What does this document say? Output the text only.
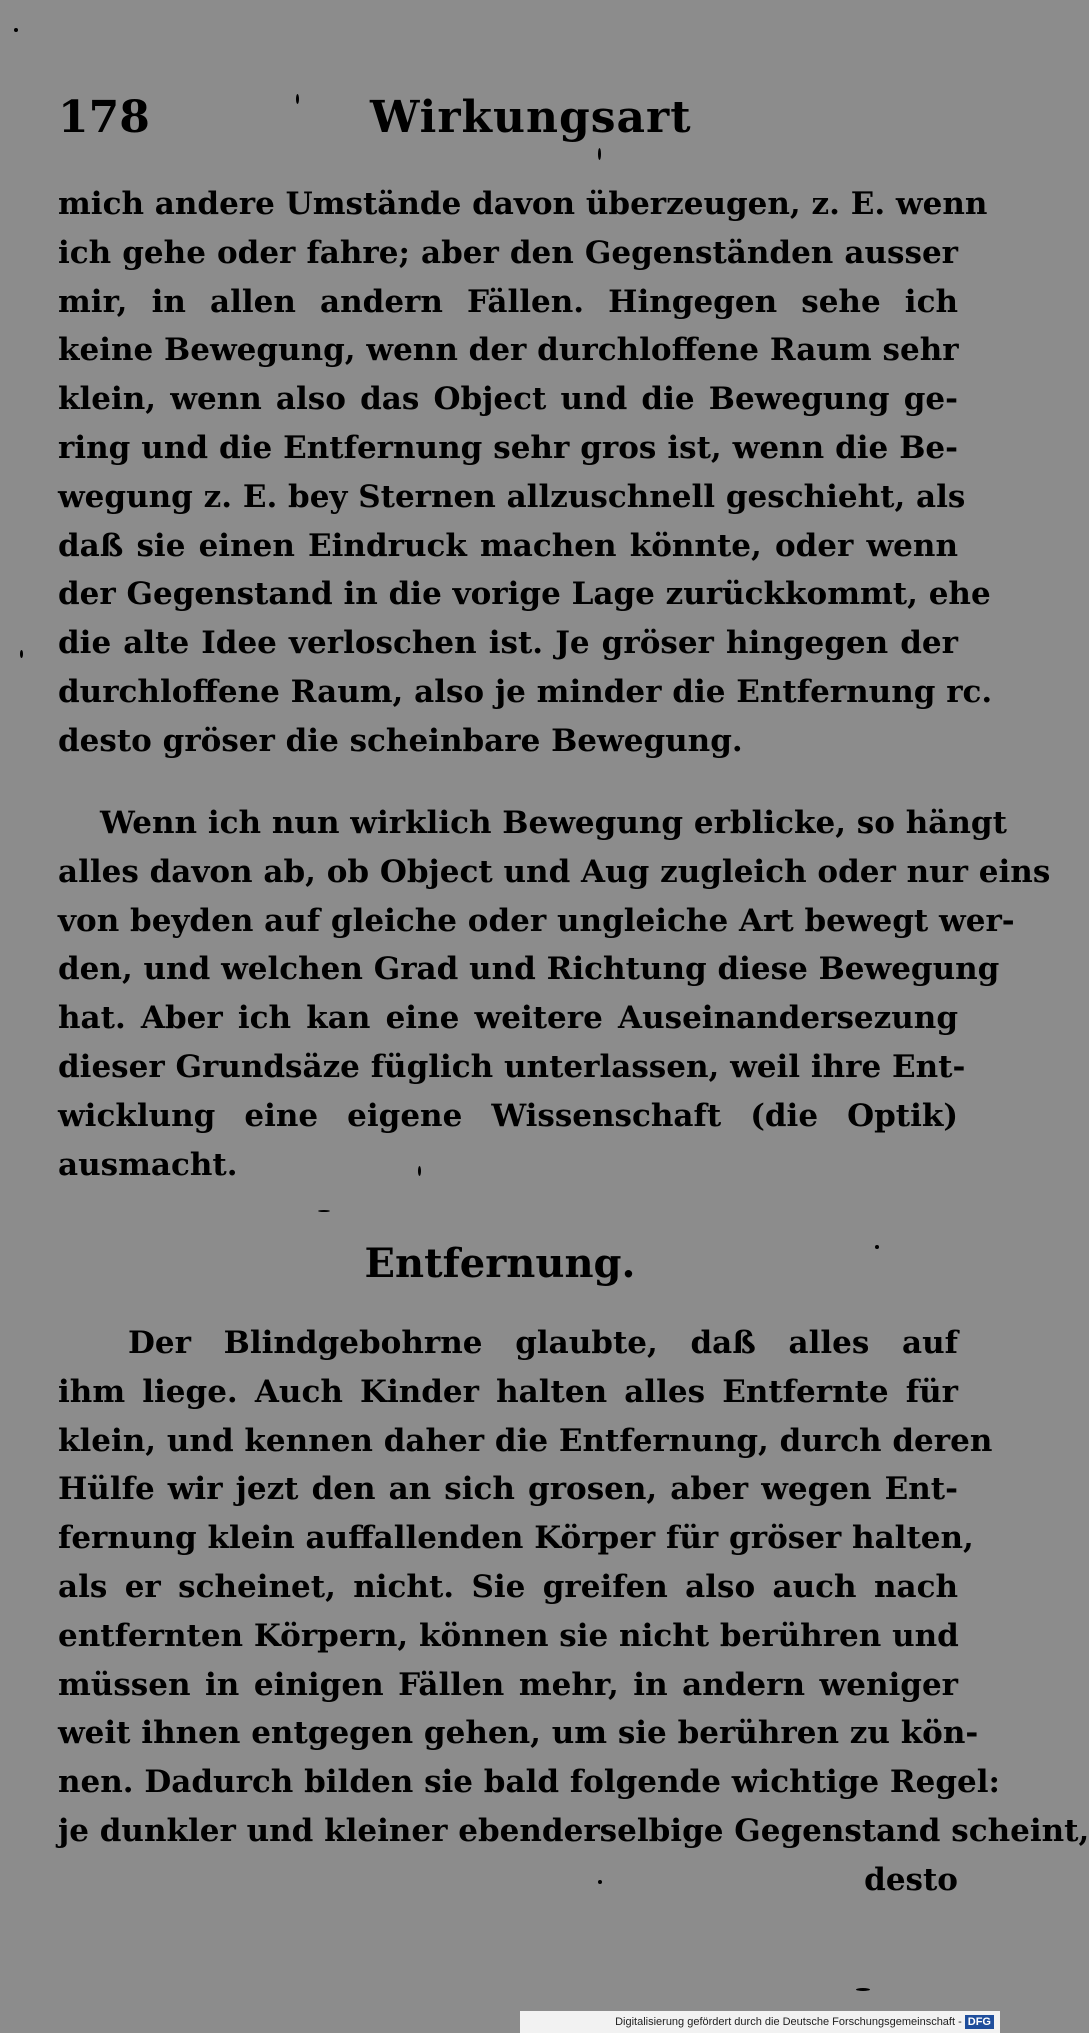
178	Wirkungsart
mich andere Umstände davon überzeugen, z. E. wenn
ich gehe oder fahre; aber den Gegenständen ausser
mir, in allen andern Fällen. Hingegen sehe ich
keine Bewegung, wenn der durchloffene Raum sehr
klein, wenn also das Object und die Bewegung ge-
ring und die Entfernung sehr gros ist, wenn die Be-
wegung z. E. bey Sternen allzuschnell geschieht, als
daß sie einen Eindruck machen könnte, oder wenn
der Gegenstand in die vorige Lage zurückkommt, ehe
die alte Idee verloschen ist. Je gröser hingegen der
durchloffene Raum, also je minder die Entfernung rc.
desto gröser die scheinbare Bewegung.
Wenn ich nun wirklich Bewegung erblicke, so hängt
alles davon ab, ob Object und Aug zugleich oder nur eins
von beyden auf gleiche oder ungleiche Art bewegt wer-
den, und welchen Grad und Richtung diese Bewegung
hat. Aber ich kan eine weitere Auseinandersezung
dieser Grundsäze füglich unterlassen, weil ihre Ent-
wicklung eine eigene Wissenschaft (die Optik)
ausmacht.
Entfernung.
Der Blindgebohrne glaubte, daß alles auf
ihm liege. Auch Kinder halten alles Entfernte für
klein, und kennen daher die Entfernung, durch deren
Hülfe wir jezt den an sich grosen, aber wegen Ent-
fernung klein auffallenden Körper für gröser halten,
als er scheinet, nicht. Sie greifen also auch nach
entfernten Körpern, können sie nicht berühren und
müssen in einigen Fällen mehr, in andern weniger
weit ihnen entgegen gehen, um sie berühren zu kön-
nen. Dadurch bilden sie bald folgende wichtige Regel:
je dunkler und kleiner ebenderselbige Gegenstand scheint,
desto
Digitalisierung gefördert durch die Deutsche Forschungsgemeinschaft - DFG
